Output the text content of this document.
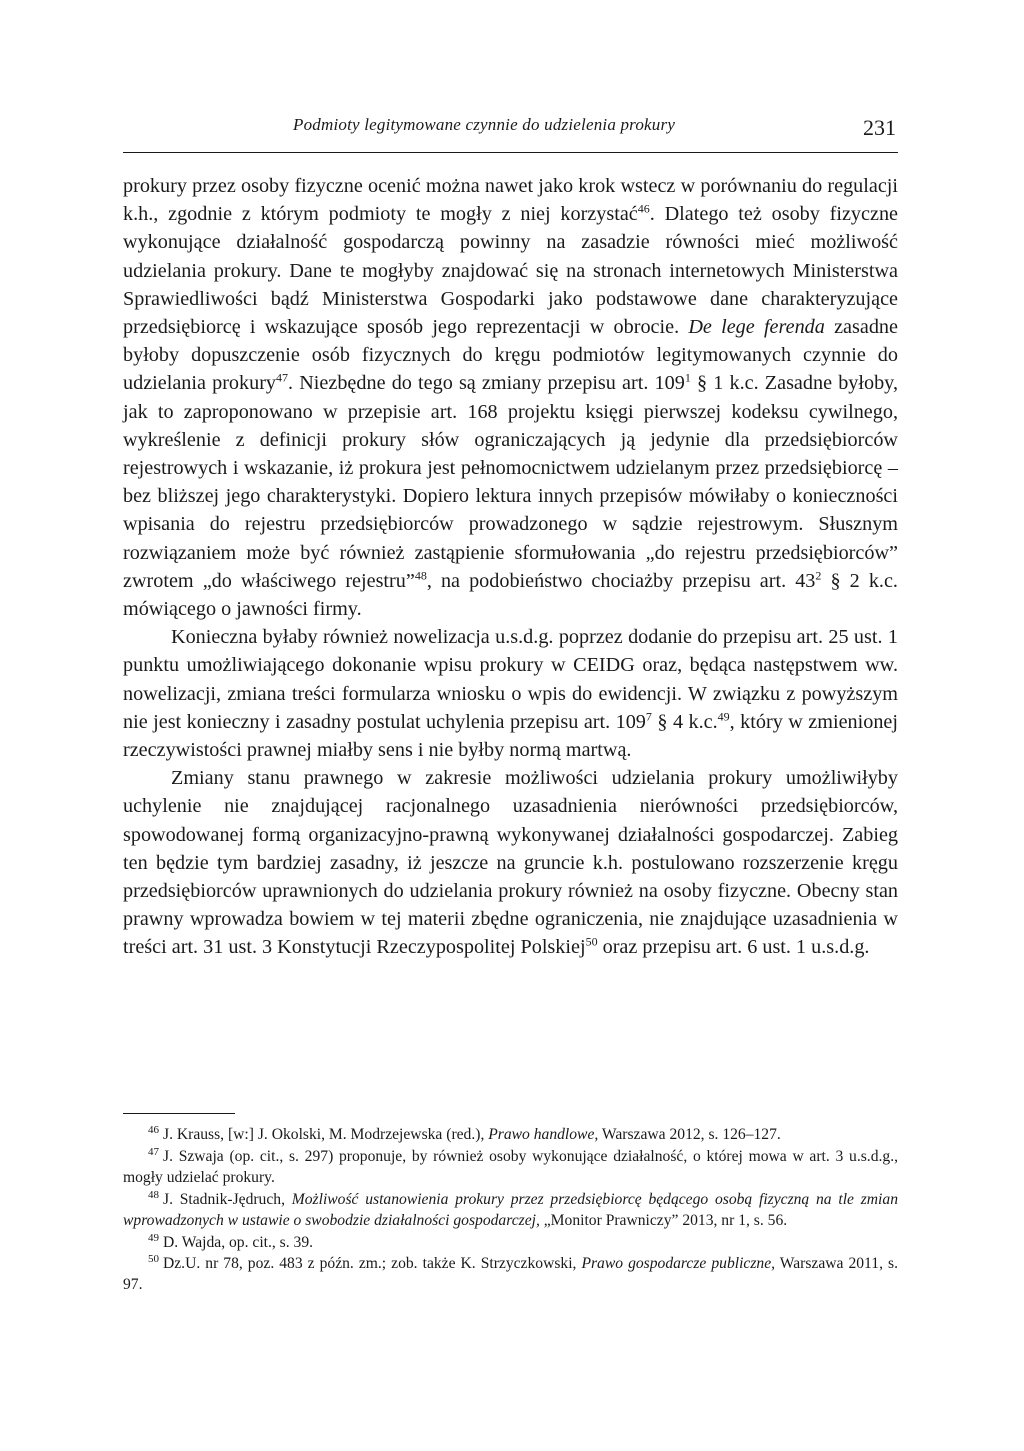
Podmioty legitymowane czynnie do udzielenia prokury	231

prokury przez osoby fizyczne ocenić można nawet jako krok wstecz w porównaniu do regulacji k.h., zgodnie z którym podmioty te mogły z niej korzystać$^{46}$. Dlatego też osoby fizyczne wykonujące działalność gospodarczą powinny na zasadzie równości mieć możliwość udzielania prokury. Dane te mogłyby znajdować się na stronach internetowych Ministerstwa Sprawiedliwości bądź Ministerstwa Gospodarki jako podstawowe dane charakteryzujące przedsiębiorcę i wskazujące sposób jego reprezentacji w obrocie. De lege ferenda zasadne byłoby dopuszczenie osób fizycznych do kręgu podmiotów legitymowanych czynnie do udzielania prokury$^{47}$. Niezbędne do tego są zmiany przepisu art. $109^1$ § 1 k.c. Zasadne byłoby, jak to zaproponowano w przepisie art. 168 projektu księgi pierwszej kodeksu cywilnego, wykreślenie z definicji prokury słów ograniczających ją jedynie dla przedsiębiorców rejestrowych i wskazanie, iż prokura jest pełnomocnictwem udzielanym przez przedsiębiorcę – bez bliższej jego charakterystyki. Dopiero lektura innych przepisów mówiłaby o konieczności wpisania do rejestru przedsiębiorców prowadzonego w sądzie rejestrowym. Słusznym rozwiązaniem może być również zastąpienie sformułowania „do rejestru przedsiębiorców” zwrotem „do właściwego rejestru”$^{48}$, na podobieństwo chociażby przepisu art. $43^2$ § 2 k.c. mówiącego o jawności firmy.

Konieczna byłaby również nowelizacja u.s.d.g. poprzez dodanie do przepisu art. 25 ust. 1 punktu umożliwiającego dokonanie wpisu prokury w CEIDG oraz, będąca następstwem ww. nowelizacji, zmiana treści formularza wniosku o wpis do ewidencji. W związku z powyższym nie jest konieczny i zasadny postulat uchylenia przepisu art. $109^7$ § 4 k.c.$^{49}$, który w zmienionej rzeczywistości prawnej miałby sens i nie byłby normą martwą.

Zmiany stanu prawnego w zakresie możliwości udzielania prokury umożliwiłyby uchylenie nie znajdującej racjonalnego uzasadnienia nierówności przedsiębiorców, spowodowanej formą organizacyjno-prawną wykonywanej działalności gospodarczej. Zabieg ten będzie tym bardziej zasadny, iż jeszcze na gruncie k.h. postulowano rozszerzenie kręgu przedsiębiorców uprawnionych do udzielania prokury również na osoby fizyczne. Obecny stan prawny wprowadza bowiem w tej materii zbędne ograniczenia, nie znajdujące uzasadnienia w treści art. 31 ust. 3 Konstytucji Rzeczypospolitej Polskiej$^{50}$ oraz przepisu art. 6 ust. 1 u.s.d.g.

$^{46}$ J. Krauss, [w:] J. Okolski, M. Modrzejewska (red.), Prawo handlowe, Warszawa 2012, s. 126–127.

$^{47}$ J. Szwaja (op. cit., s. 297) proponuje, by również osoby wykonujące działalność, o której mowa w art. 3 u.s.d.g., mogły udzielać prokury.

$^{48}$ J. Stadnik-Jędruch, Możliwość ustanowienia prokury przez przedsiębiorcę będącego osobą fizyczną na tle zmian wprowadzonych w ustawie o swobodzie działalności gospodarczej, „Monitor Prawniczy” 2013, nr 1, s. 56.

$^{49}$ D. Wajda, op. cit., s. 39.

$^{50}$ Dz.U. nr 78, poz. 483 z późn. zm.; zob. także K. Strzyczkowski, Prawo gospodarcze publiczne, Warszawa 2011, s. 97.
